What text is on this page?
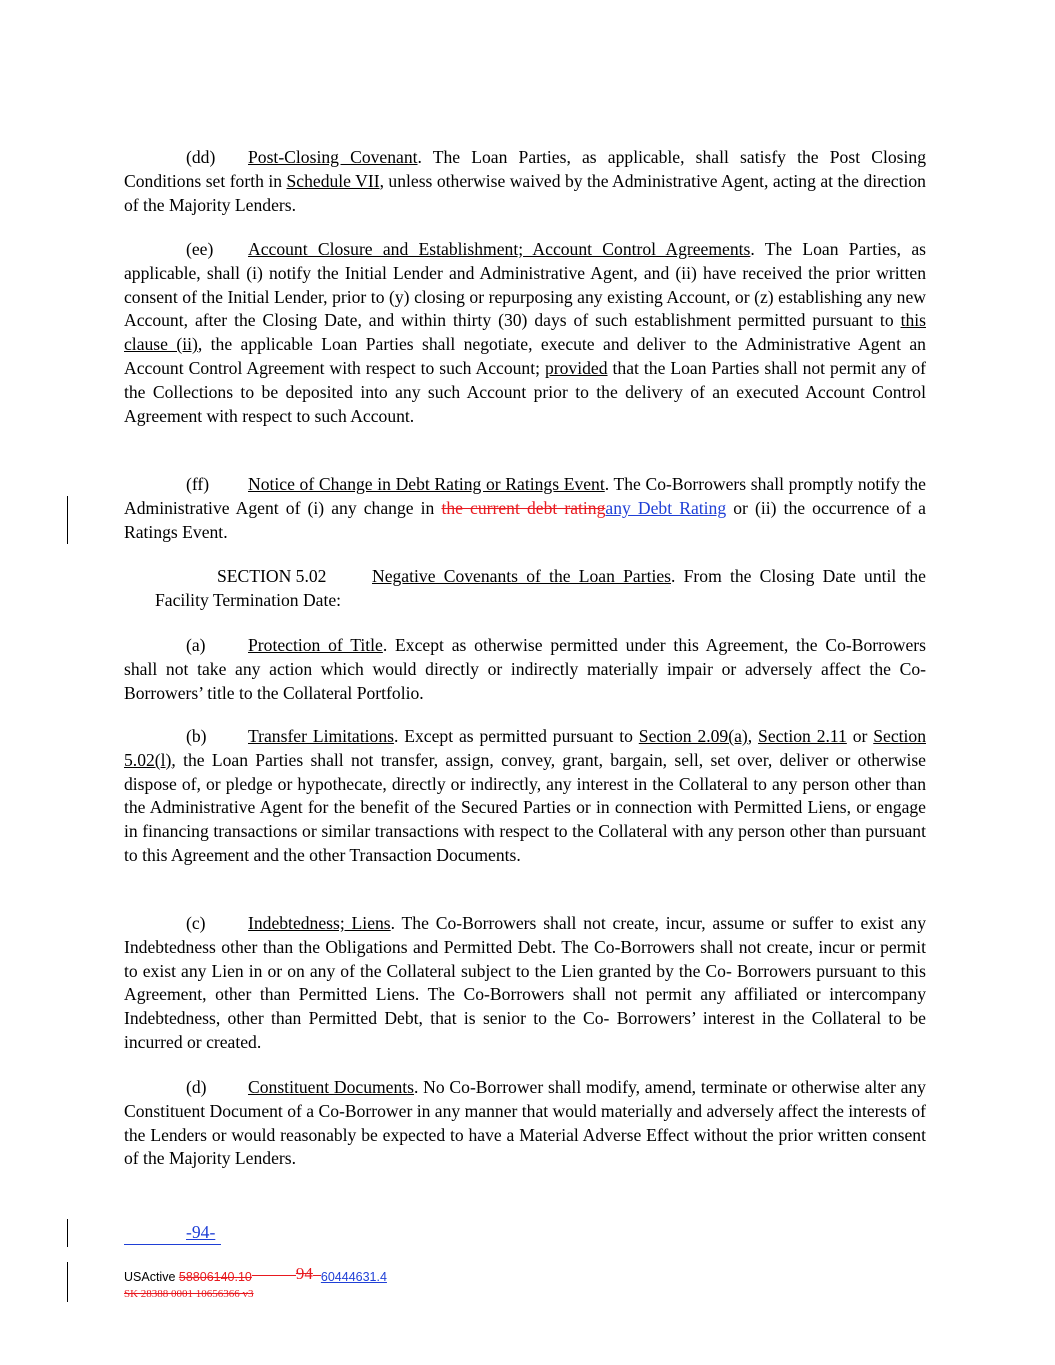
(dd) Post-Closing Covenant. The Loan Parties, as applicable, shall satisfy the Post Closing Conditions set forth in Schedule VII, unless otherwise waived by the Administrative Agent, acting at the direction of the Majority Lenders.
(ee) Account Closure and Establishment; Account Control Agreements. The Loan Parties, as applicable, shall (i) notify the Initial Lender and Administrative Agent, and (ii) have received the prior written consent of the Initial Lender, prior to (y) closing or repurposing any existing Account, or (z) establishing any new Account, after the Closing Date, and within thirty (30) days of such establishment permitted pursuant to this clause (ii), the applicable Loan Parties shall negotiate, execute and deliver to the Administrative Agent an Account Control Agreement with respect to such Account; provided that the Loan Parties shall not permit any of the Collections to be deposited into any such Account prior to the delivery of an executed Account Control Agreement with respect to such Account.
(ff) Notice of Change in Debt Rating or Ratings Event. The Co-Borrowers shall promptly notify the Administrative Agent of (i) any change in the current debt ratingany Debt Rating or (ii) the occurrence of a Ratings Event.
SECTION 5.02	Negative Covenants of the Loan Parties. From the Closing Date until the Facility Termination Date:
(a) Protection of Title. Except as otherwise permitted under this Agreement, the Co-Borrowers shall not take any action which would directly or indirectly materially impair or adversely affect the Co-Borrowers’ title to the Collateral Portfolio.
(b) Transfer Limitations. Except as permitted pursuant to Section 2.09(a), Section 2.11 or Section 5.02(l), the Loan Parties shall not transfer, assign, convey, grant, bargain, sell, set over, deliver or otherwise dispose of, or pledge or hypothecate, directly or indirectly, any interest in the Collateral to any person other than the Administrative Agent for the benefit of the Secured Parties or in connection with Permitted Liens, or engage in financing transactions or similar transactions with respect to the Collateral with any person other than pursuant to this Agreement and the other Transaction Documents.
(c) Indebtedness; Liens. The Co-Borrowers shall not create, incur, assume or suffer to exist any Indebtedness other than the Obligations and Permitted Debt. The Co-Borrowers shall not create, incur or permit to exist any Lien in or on any of the Collateral subject to the Lien granted by the Co- Borrowers pursuant to this Agreement, other than Permitted Liens. The Co-Borrowers shall not permit any affiliated or intercompany Indebtedness, other than Permitted Debt, that is senior to the Co- Borrowers’ interest in the Collateral to be incurred or created.
(d) Constituent Documents. No Co-Borrower shall modify, amend, terminate or otherwise alter any Constituent Document of a Co-Borrower in any manner that would materially and adversely affect the interests of the Lenders or would reasonably be expected to have a Material Adverse Effect without the prior written consent of the Majority Lenders.
-94-
USActive 58806140.10	94 60444631.4
SK 28388 0001 10656366 v3
